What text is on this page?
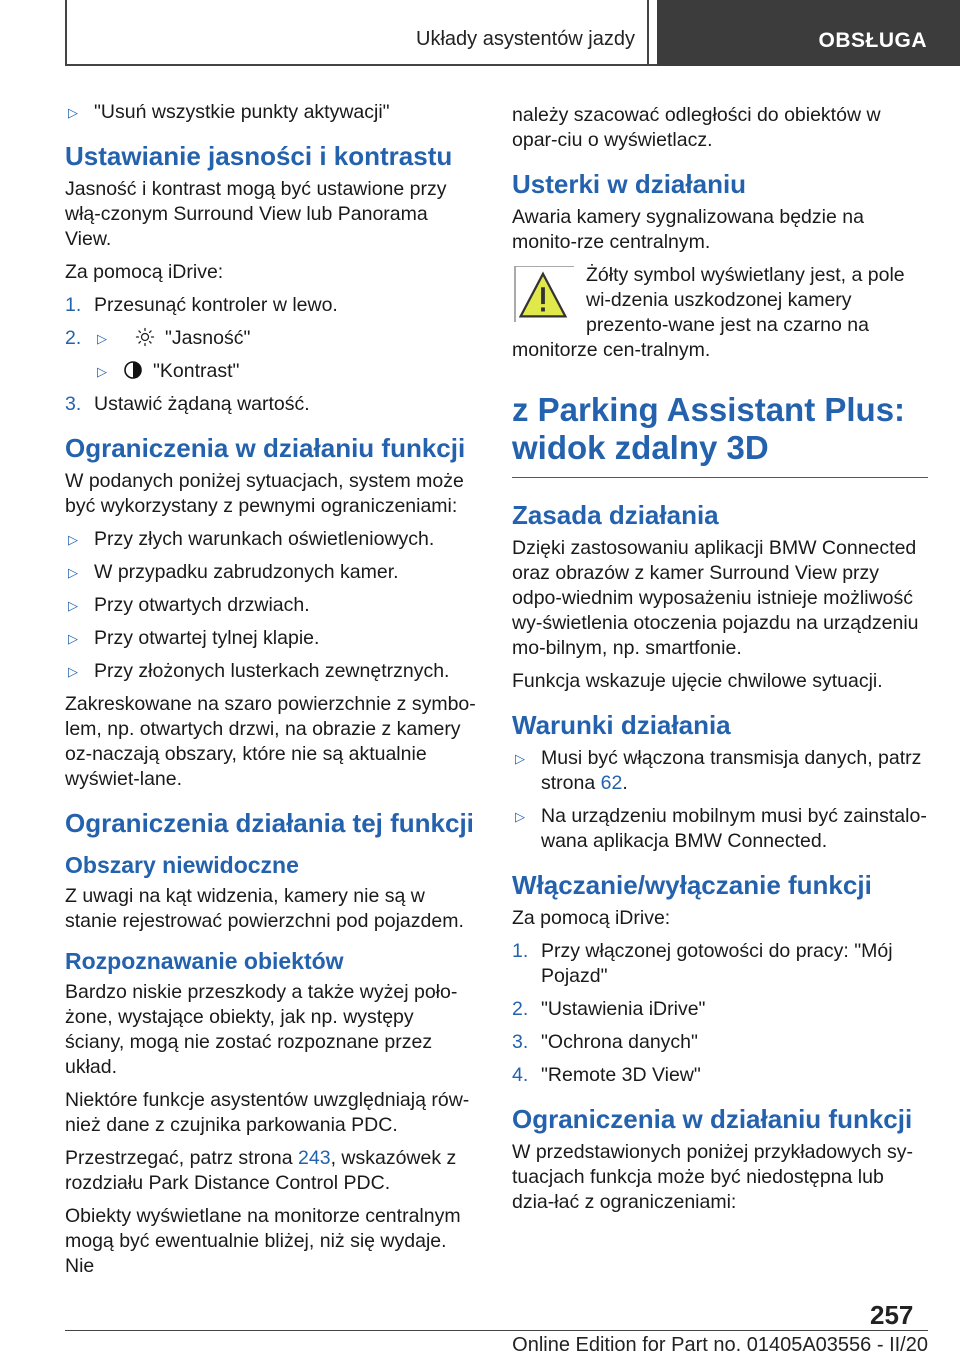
Układy asystentów jazdy	OBSŁUGA
▷ "Usuń wszystkie punkty aktywacji"
Ustawianie jasności i kontrastu

Jasność i kontrast mogą być ustawione przy włą‐czonym Surround View lub Panorama View.

Za pomocą iDrive:

1. Przesunąć kontroler w lewo.
2. ▷	"Jasność"
▷ "Kontrast"
3. Ustawić żądaną wartość.
Ograniczenia w działaniu funkcji

W podanych poniżej sytuacjach, system może być wykorzystany z pewnymi ograniczeniami:

▷ Przy złych warunkach oświetleniowych.
▷ W przypadku zabrudzonych kamer.
▷ Przy otwartych drzwiach.
▷ Przy otwartej tylnej klapie.
▷ Przy złożonych lusterkach zewnętrznych.

Zakreskowane na szaro powierzchnie z symbo‐lem, np. otwartych drzwi, na obrazie z kamery oz‐naczają obszary, które nie są aktualnie wyświet‐lane.

Ograniczenia działania tej funkcji
Obszary niewidoczne

Z uwagi na kąt widzenia, kamery nie są w stanie rejestrować powierzchni pod pojazdem.

Rozpoznawanie obiektów

Bardzo niskie przeszkody a także wyżej poło‐żone, wystające obiekty, jak np. występy ściany, mogą nie zostać rozpoznane przez układ.

Niektóre funkcje asystentów uwzględniają rów‐nież dane z czujnika parkowania PDC.

Przestrzegać, patrz strona 243, wskazówek z rozdziału Park Distance Control PDC.

Obiekty wyświetlane na monitorze centralnym mogą być ewentualnie bliżej, niż się wydaje. Nie

należy szacować odległości do obiektów w opar‐ciu o wyświetlacz.

Usterki w działaniu

Awaria kamery sygnalizowana będzie na monito‐rze centralnym.

Żółty symbol wyświetlany jest, a pole wi‐dzenia uszkodzonej kamery prezento‐wane jest na czarno na monitorze cen‐tralnym.
z Parking Assistant Plus: widok zdalny 3D
Zasada działania

Dzięki zastosowaniu aplikacji BMW Connected oraz obrazów z kamer Surround View przy odpo‐wiednim wyposażeniu istnieje możliwość wy‐świetlenia otoczenia pojazdu na urządzeniu mo‐bilnym, np. smartfonie.

Funkcja wskazuje ujęcie chwilowe sytuacji.

Warunki działania
▷ Musi być włączona transmisja danych, patrz strona 62.
▷ Na urządzeniu mobilnym musi być zainstalo‐wana aplikacja BMW Connected.
Włączanie/wyłączanie funkcji

Za pomocą iDrive:

1. Przy włączonej gotowości do pracy: "Mój Pojazd"
2. "Ustawienia iDrive"
3. "Ochrona danych"
4. "Remote 3D View"
Ograniczenia w działaniu funkcji

W przedstawionych poniżej przykładowych sy‐tuacjach funkcja może być niedostępna lub dzia‐łać z ograniczeniami:

257
Online Edition for Part no. 01405A03556 - II/20
